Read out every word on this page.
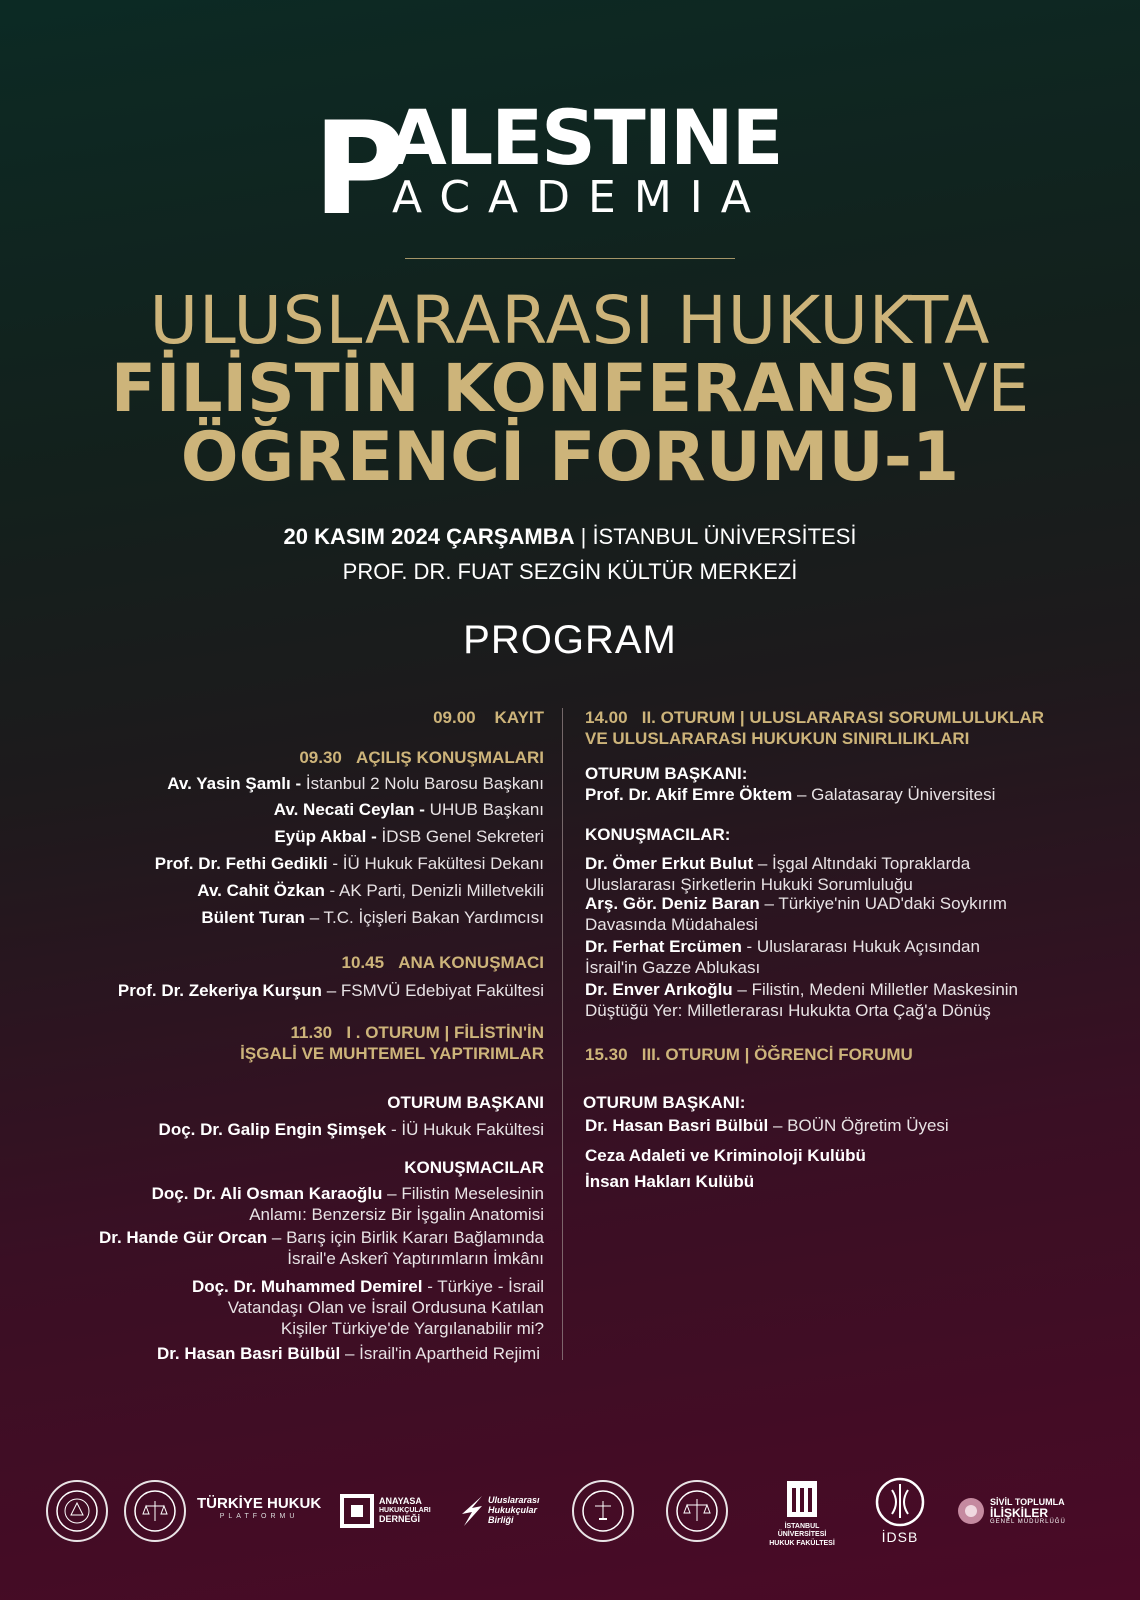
P
ALESTINE
ACADEMIA
ULUSLARARASI HUKUKTA
FİLİSTİN KONFERANSI VE
ÖĞRENCİ FORUMU-1
20 KASIM 2024 ÇARŞAMBA | İSTANBUL ÜNİVERSİTESİ
PROF. DR. FUAT SEZGİN KÜLTÜR MERKEZİ
PROGRAM
09.00 KAYIT
09.30 AÇILIŞ KONUŞMALARI
Av. Yasin Şamlı - İstanbul 2 Nolu Barosu Başkanı
Av. Necati Ceylan - UHUB Başkanı
Eyüp Akbal - İDSB Genel Sekreteri
Prof. Dr. Fethi Gedikli - İÜ Hukuk Fakültesi Dekanı
Av. Cahit Özkan - AK Parti, Denizli Milletvekili
Bülent Turan – T.C. İçişleri Bakan Yardımcısı
10.45 ANA KONUŞMACI
Prof. Dr. Zekeriya Kurşun – FSMVÜ Edebiyat Fakültesi
11.30 I . OTURUM | FİLİSTİN'İN
İŞGALİ VE MUHTEMEL YAPTIRIMLAR
OTURUM BAŞKANI
Doç. Dr. Galip Engin Şimşek - İÜ Hukuk Fakültesi
KONUŞMACILAR
Doç. Dr. Ali Osman Karaoğlu – Filistin Meselesinin
Anlamı: Benzersiz Bir İşgalin Anatomisi
Dr. Hande Gür Orcan – Barış için Birlik Kararı Bağlamında
İsrail'e Askerî Yaptırımların İmkânı
Doç. Dr. Muhammed Demirel - Türkiye - İsrail
Vatandaşı Olan ve İsrail Ordusuna Katılan
Kişiler Türkiye'de Yargılanabilir mi?
Dr. Hasan Basri Bülbül – İsrail'in Apartheid Rejimi
14.00 II. OTURUM | ULUSLARARASI SORUMLULUKLAR
VE ULUSLARARASI HUKUKUN SINIRLILIKLARI
OTURUM BAŞKANI:
Prof. Dr. Akif Emre Öktem – Galatasaray Üniversitesi
KONUŞMACILAR:
Dr. Ömer Erkut Bulut – İşgal Altındaki Topraklarda
Uluslararası Şirketlerin Hukuki Sorumluluğu
Arş. Gör. Deniz Baran – Türkiye'nin UAD'daki Soykırım
Davasında Müdahalesi
Dr. Ferhat Ercümen - Uluslararası Hukuk Açısından
İsrail'in Gazze Ablukası
Dr. Enver Arıkoğlu – Filistin, Medeni Milletler Maskesinin
Düştüğü Yer: Milletlerarası Hukukta Orta Çağ'a Dönüş
15.30 III. OTURUM | ÖĞRENCİ FORUMU
OTURUM BAŞKANI:
Dr. Hasan Basri Bülbül – BOÜN Öğretim Üyesi
Ceza Adaleti ve Kriminoloji Kulübü
İnsan Hakları Kulübü
TÜRKİYE HUKUK
PLATFORMU
ANAYASA
HUKUKÇULARI
DERNEĞİ
Uluslararası
Hukukçular
Birliği
İSTANBUL ÜNİVERSİTESİ
HUKUK FAKÜLTESİ	İDSB
SİVİL TOPLUMLA
İLİŞKİLER
GENEL MÜDÜRLÜĞÜ
